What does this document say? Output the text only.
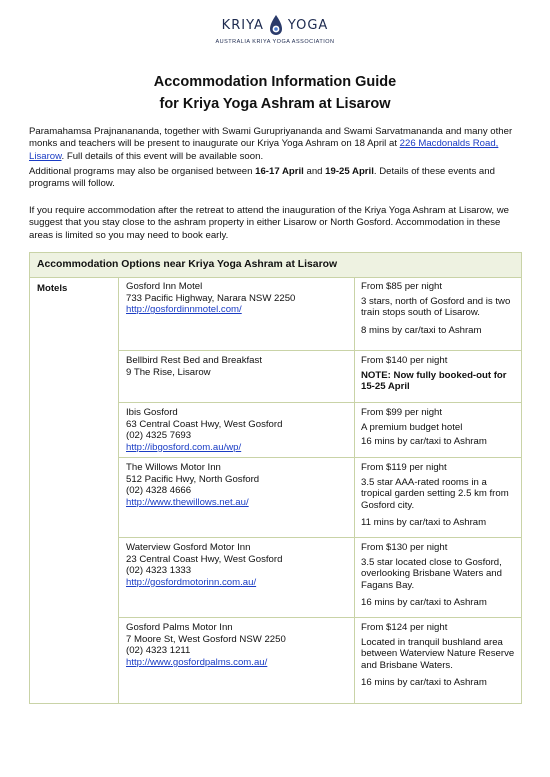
KRIYA YOGA
AUSTRALIA KRIYA YOGA ASSOCIATION
Accommodation Information Guide
for Kriya Yoga Ashram at Lisarow

Paramahamsa Prajnanananda, together with Swami Gurupriyananda and Swami Sarvatmananda and many other monks and teachers will be present to inaugurate our Kriya Yoga Ashram on 18 April at 226 Macdonalds Road, Lisarow. Full details of this event will be available soon.

Additional programs may also be organised between 16-17 April and 19-25 April. Details of these events and programs will follow.

If you require accommodation after the retreat to attend the inauguration of the Kriya Yoga Ashram at Lisarow, we suggest that you stay close to the ashram property in either Lisarow or North Gosford. Accommodation in these areas is limited so you may need to book early.

Accommodation Options near Kriya Yoga Ashram at Lisarow
Motels	Gosford Inn Motel
733 Pacific Highway, Narara NSW 2250
http://gosfordinnmotel.com/
From $85 per night
3 stars, north of Gosford and is two train stops south of Lisarow.
8 mins by car/taxi to Ashram
Bellbird Rest Bed and Breakfast
9 The Rise, Lisarow
From $140 per night
NOTE: Now fully booked-out for 15-25 April
Ibis Gosford
63 Central Coast Hwy, West Gosford
(02) 4325 7693
http://ibgosford.com.au/wp/
From $99 per night
A premium budget hotel
16 mins by car/taxi to Ashram
The Willows Motor Inn
512 Pacific Hwy, North Gosford
(02) 4328 4666
http://www.thewillows.net.au/
From $119 per night
3.5 star AAA-rated rooms in a tropical garden setting 2.5 km from Gosford city.
11 mins by car/taxi to Ashram
Waterview Gosford Motor Inn
23 Central Coast Hwy, West Gosford
(02) 4323 1333
http://gosfordmotorinn.com.au/
From $130 per night
3.5 star located close to Gosford, overlooking Brisbane Waters and Fagans Bay.
16 mins by car/taxi to Ashram
Gosford Palms Motor Inn
7 Moore St, West Gosford NSW 2250
(02) 4323 1211
http://www.gosfordpalms.com.au/
From $124 per night
Located in tranquil bushland area between Waterview Nature Reserve and Brisbane Waters.
16 mins by car/taxi to Ashram
